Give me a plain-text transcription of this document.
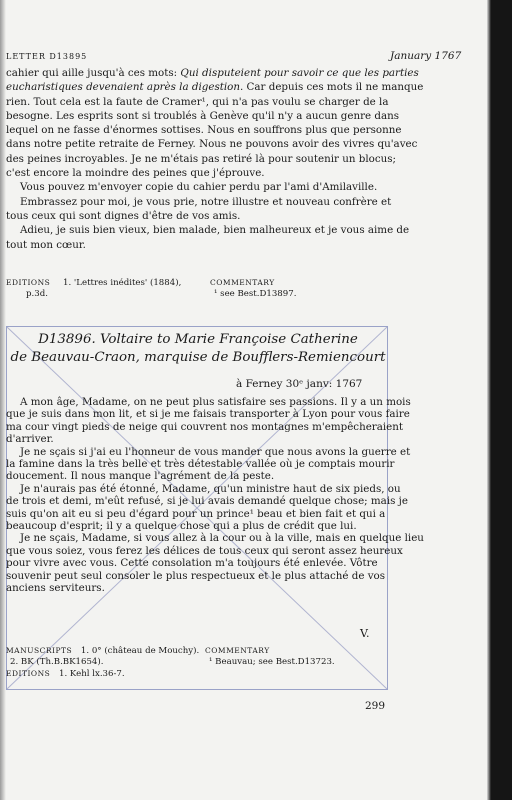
LETTER D13895	January 1767
cahier qui aille jusqu'à ces mots: Qui disputeient pour savoir ce que les parties
eucharistiques devenaient après la digestion. Car depuis ces mots il ne manque
rien. Tout cela est la faute de Cramer¹, qui n'a pas voulu se charger de la
besogne. Les esprits sont si troublés à Genève qu'il n'y a aucun genre dans
lequel on ne fasse d'énormes sottises. Nous en souffrons plus que personne
dans notre petite retraite de Ferney. Nous ne pouvons avoir des vivres qu'avec
des peines incroyables. Je ne m'étais pas retiré là pour soutenir un blocus;
c'est encore la moindre des peines que j'éprouve.
Vous pouvez m'envoyer copie du cahier perdu par l'ami d'Amilaville.
Embrassez pour moi, je vous prie, notre illustre et nouveau confrère et
tous ceux qui sont dignes d'être de vos amis.
Adieu, je suis bien vieux, bien malade, bien malheureux et je vous aime de
tout mon cœur.
EDITIONS 1. 'Lettres inédites' (1884),
p.3d.
COMMENTARY
¹ see Best.D13897.
D13896. Voltaire to Marie Françoise Catherine
de Beauvau-Craon, marquise de Boufflers-Remiencourt
à Ferney 30ᵉ janv: 1767
A mon âge, Madame, on ne peut plus satisfaire ses passions. Il y a un mois
que je suis dans mon lit, et si je me faisais transporter à Lyon pour vous faire
ma cour vingt pieds de neige qui couvrent nos montagnes m'empêcheraient
d'arriver.
Je ne sçais si j'ai eu l'honneur de vous mander que nous avons la guerre et
la famine dans la très belle et très détestable vallée où je comptais mourir
doucement. Il nous manque l'agrément de la peste.
Je n'aurais pas été étonné, Madame, qu'un ministre haut de six pieds, ou
de trois et demi, m'eût refusé, si je lui avais demandé quelque chose; mais je
suis qu'on ait eu si peu d'égard pour un prince¹ beau et bien fait et qui a
beaucoup d'esprit; il y a quelque chose qui a plus de crédit que lui.
Je ne sçais, Madame, si vous allez à la cour ou à la ville, mais en quelque lieu
que vous soiez, vous ferez les délices de tous ceux qui seront assez heureux
pour vivre avec vous. Cette consolation m'a toujours été enlevée. Vôtre
souvenir peut seul consoler le plus respectueux et le plus attaché de vos
anciens serviteurs.
V.
MANUSCRIPTS 1. 0° (château de Mouchy).
2. BK (Th.B.BK1654).
EDITIONS 1. Kehl lx.36-7.
COMMENTARY
¹ Beauvau; see Best.D13723.
299
